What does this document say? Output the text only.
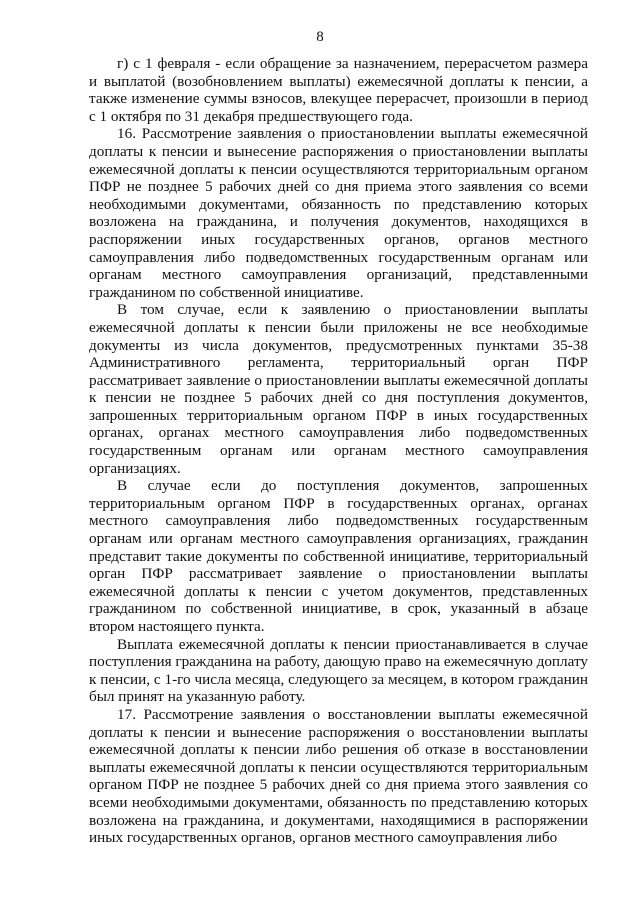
8

г) с 1 февраля - если обращение за назначением, перерасчетом размера и выплатой (возобновлением выплаты) ежемесячной доплаты к пенсии, а также изменение суммы взносов, влекущее перерасчет, произошли в период с 1 октября по 31 декабря предшествующего года.

16. Рассмотрение заявления о приостановлении выплаты ежемесячной доплаты к пенсии и вынесение распоряжения о приостановлении выплаты ежемесячной доплаты к пенсии осуществляются территориальным органом ПФР не позднее 5 рабочих дней со дня приема этого заявления со всеми необходимыми документами, обязанность по представлению которых возложена на гражданина, и получения документов, находящихся в распоряжении иных государственных органов, органов местного самоуправления либо подведомственных государственным органам или органам местного самоуправления организаций, представленными гражданином по собственной инициативе.

В том случае, если к заявлению о приостановлении выплаты ежемесячной доплаты к пенсии были приложены не все необходимые документы из числа документов, предусмотренных пунктами 35-38 Административного регламента, территориальный орган ПФР рассматривает заявление о приостановлении выплаты ежемесячной доплаты к пенсии не позднее 5 рабочих дней со дня поступления документов, запрошенных территориальным органом ПФР в иных государственных органах, органах местного самоуправления либо подведомственных государственным органам или органам местного самоуправления организациях.

В случае если до поступления документов, запрошенных территориальным органом ПФР в государственных органах, органах местного самоуправления либо подведомственных государственным органам или органам местного самоуправления организациях, гражданин представит такие документы по собственной инициативе, территориальный орган ПФР рассматривает заявление о приостановлении выплаты ежемесячной доплаты к пенсии с учетом документов, представленных гражданином по собственной инициативе, в срок, указанный в абзаце втором настоящего пункта.

Выплата ежемесячной доплаты к пенсии приостанавливается в случае поступления гражданина на работу, дающую право на ежемесячную доплату к пенсии, с 1-го числа месяца, следующего за месяцем, в котором гражданин был принят на указанную работу.

17. Рассмотрение заявления о восстановлении выплаты ежемесячной доплаты к пенсии и вынесение распоряжения о восстановлении выплаты ежемесячной доплаты к пенсии либо решения об отказе в восстановлении выплаты ежемесячной доплаты к пенсии осуществляются территориальным органом ПФР не позднее 5 рабочих дней со дня приема этого заявления со всеми необходимыми документами, обязанность по представлению которых возложена на гражданина, и документами, находящимися в распоряжении иных государственных органов, органов местного самоуправления либо
